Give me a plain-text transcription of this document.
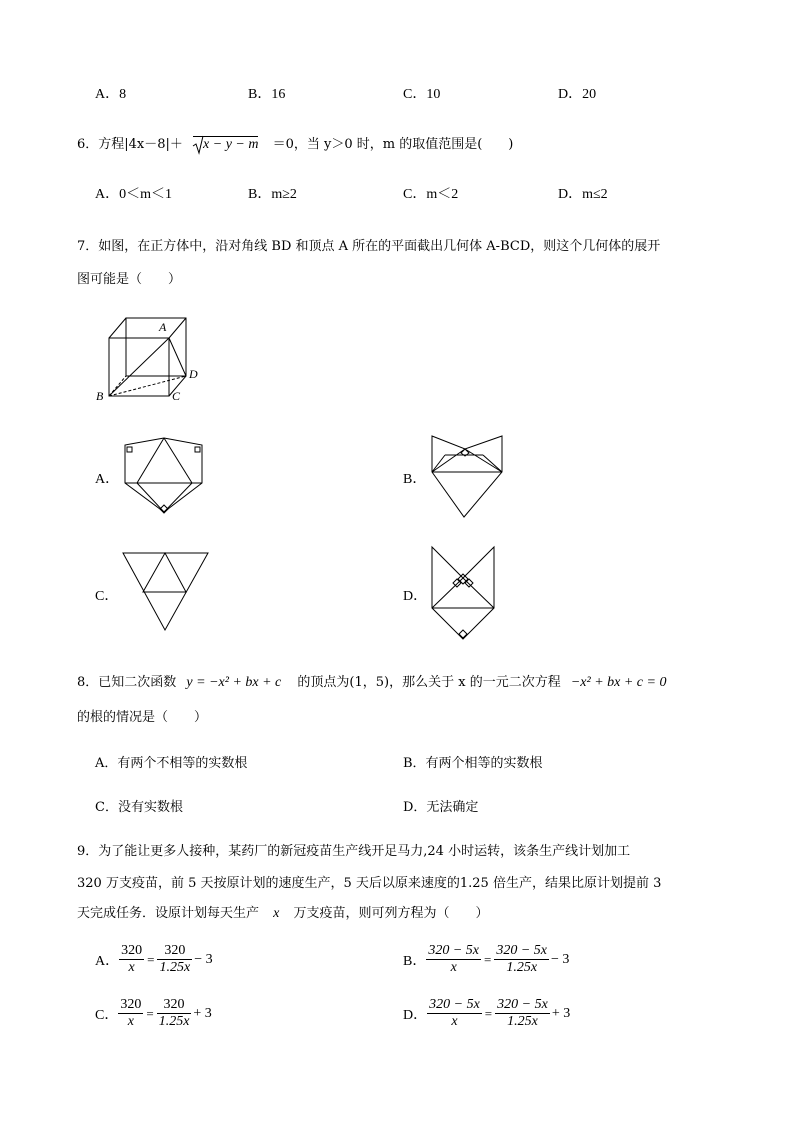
A．8	B．16	C．10	D．20
6．方程|4x－8|＋ x − y − m ＝0，当 y＞0 时，m 的取值范围是(　　)
A．0＜m＜1	B．m≥2	C．m＜2	D．m≤2
7．如图，在正方体中，沿对角线 BD 和顶点 A 所在的平面截出几何体 A-BCD，则这个几何体的展开
图可能是（　　）
A
B	C
D
A．	B．
C．	D．
8．已知二次函数 y = −x² + bx + c 的顶点为(1，5)，那么关于 x 的一元二次方程 −x² + bx + c = 0
的根的情况是（　　）
A．有两个不相等的实数根	B．有两个相等的实数根
C．没有实数根	D．无法确定
9．为了能让更多人接种，某药厂的新冠疫苗生产线开足马力,24 小时运转，该条生产线计划加工
320 万支疫苗，前 5 天按原计划的速度生产，5 天后以原来速度的1.25 倍生产，结果比原计划提前 3
天完成任务．设原计划每天生产 x 万支疫苗，则可列方程为（　　）
A． $\frac{320}{x} = \frac{320}{1.25x} - 3$	B． $\frac{320 - 5x}{x} = \frac{320 - 5x}{1.25x} - 3$
C． $\frac{320}{x} = \frac{320}{1.25x} + 3$	D． $\frac{320 - 5x}{x} = \frac{320 - 5x}{1.25x} + 3$
